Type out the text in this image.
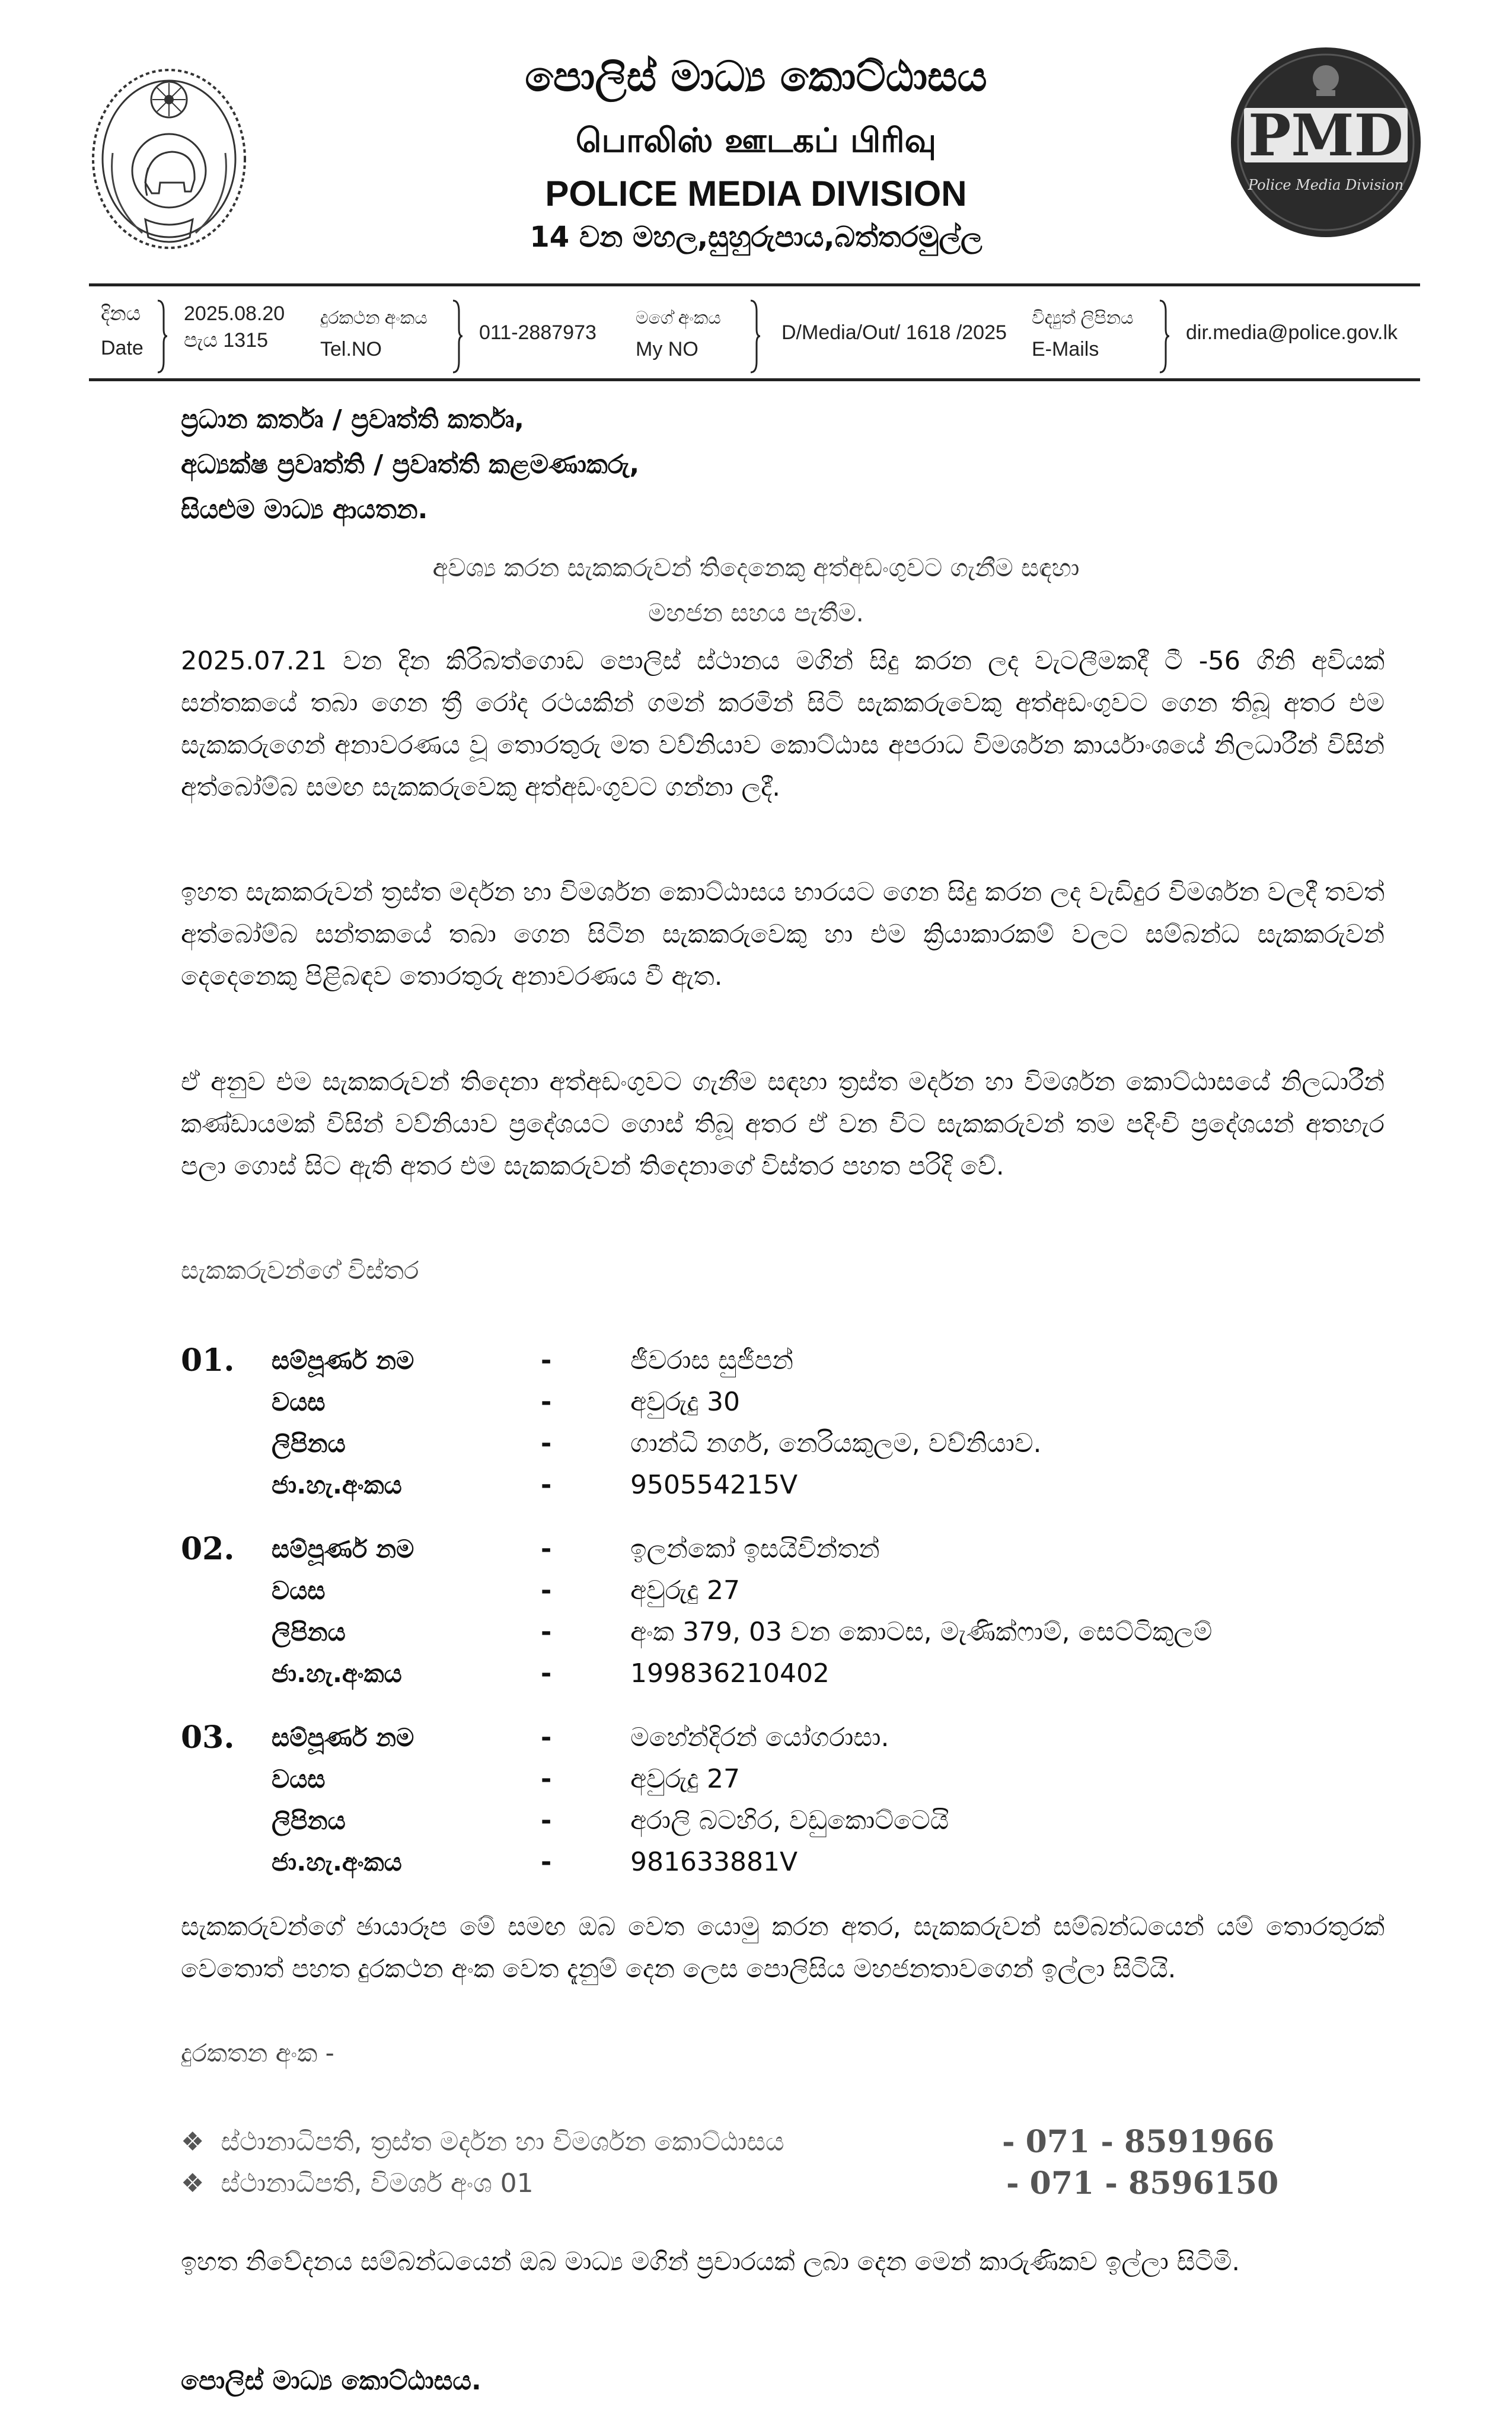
පොලිස් මාධ්‍ය කොට්ඨාසය
பொலிஸ் ஊடகப் பிரிவு
POLICE MEDIA DIVISION
14 වන මහල,සුහුරුපාය,බත්තරමුල්ල
PMD
Police Media Division
දිනය
Date
2025.08.20
පැය 1315
දුරකථන අංකය
Tel.NO
011-2887973
මගේ අංකය
My NO
D/Media/Out/ 1618 /2025
විද්‍යුත් ලිපිනය
E-Mails
dir.media@police.gov.lk
ප්‍රධාන කර්තෘ / ප්‍රවෘත්ති කර්තෘ,
අධ්‍යක්ෂ ප්‍රවෘත්ති / ප්‍රවෘත්ති කළමණාකරු,
සියළුම මාධ්‍ය ආයතන.
අවශ්‍ය කරන සැකකරුවන් තිදෙනෙකු අත්අඩංගුවට ගැනීම සඳහා
මහජන සහය පැතීම.
2025.07.21 වන දින කිරිබත්ගොඩ පොලිස් ස්ථානය මගින් සිදු කරන ලද වැටලීමකදී ටී -56 ගිනි අවියක් සන්තකයේ තබා ගෙන ත්‍රී රෝද රථයකින් ගමන් කරමින් සිටි සැකකරුවෙකු අත්අඩංගුවට ගෙන තිබූ අතර එම සැකකරුගෙන් අනාවරණය වූ තොරතුරු මත වව්නියාව කොට්ඨාස අපරාධ විමර්ශන කාර්යාංශයේ නිලධාරීන් විසින් අත්බෝම්බ සමඟ සැකකරුවෙකු අත්අඩංගුවට ගන්නා ලදී.
ඉහත සැකකරුවන් ත්‍රස්ත මර්දන හා විමර්ශන කොට්ඨාසය භාරයට ගෙන සිදු කරන ලද වැඩිදුර විමර්ශන වලදී තවත් අත්බෝම්බ සන්තකයේ තබා ගෙන සිටින සැකකරුවෙකු හා එම ක්‍රියාකාරකම් වලට සම්බන්ධ සැකකරුවන් දෙදෙනෙකු පිළිබඳව තොරතුරු අනාවරණය වී ඇත.
ඒ අනුව එම සැකකරුවන් තිදෙනා අත්අඩංගුවට ගැනීම සඳහා ත්‍රස්ත මර්දන හා විමර්ශන කොට්ඨාසයේ නිලධාරීන් කණ්ඩායමක් විසින් වව්නියාව ප්‍රදේශයට ගොස් තිබූ අතර ඒ වන විට සැකකරුවන් තම පදිංචි ප්‍රදේශයන් අතහැර පලා ගොස් සිට ඇති අතර එම සැකකරුවන් තිදෙනාගේ විස්තර පහත පරිදි වේ.
සැකකරුවන්ගේ විස්තර
01. සම්පූර්ණ නම	-	ජීවරාස සුජීපන්
වයස	-	අවුරුදු 30
ලිපිනය	-	ගාන්ධි නගර්, නෙරියකුලම, වව්නියාව.
ජා.හැ.අංකය	-	950554215V
02. සම්පූර්ණ නම	-	ඉලන්කෝ ඉසයිවින්තන්
වයස	-	අවුරුදු 27
ලිපිනය	-	අංක 379, 03 වන කොටස, මැණික්ෆාම්, සෙට්ටිකුලම්
ජා.හැ.අංකය	-	199836210402
03. සම්පූර්ණ නම	-	මහේන්දිරන් යෝගරාසා.
වයස	-	අවුරුදු 27
ලිපිනය	-	අරාලි බටහිර, වඩුකොට්ටෙයි
ජා.හැ.අංකය	-	981633881V
සැකකරුවන්ගේ ඡායාරූප මේ සමඟ ඔබ වෙත යොමු කරන අතර, සැකකරුවන් සම්බන්ධයෙන් යම් තොරතුරක් වෙතොත් පහත දුරකථන අංක වෙත දැනුම් දෙන ලෙස පොලිසිය මහජනතාවගෙන් ඉල්ලා සිටියි.
දුරකතන අංක -
❖ ස්ථානාධිපති, ත්‍රස්ත මර්දන හා විමර්ශන කොට්ඨාසය	- 071 - 8591966
❖ ස්ථානාධිපති, විමර්ශ අංශ 01	- 071 - 8596150
ඉහත නිවේදනය සම්බන්ධයෙන් ඔබ මාධ්‍ය මගින් ප්‍රචාරයක් ලබා දෙන මෙන් කාරුණිකව ඉල්ලා සිටිමි.
පොලිස් මාධ්‍ය කොට්ඨාසය.
